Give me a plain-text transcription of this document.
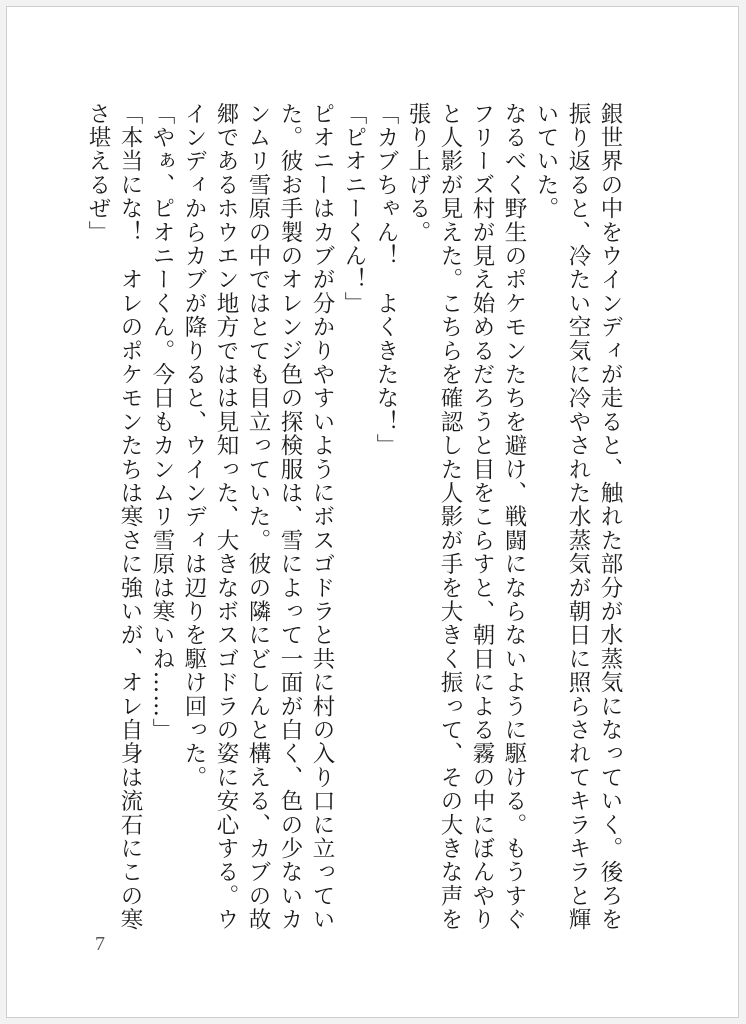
銀世界の中をウインディが走ると、触れた部分が水蒸気になっていく。後ろを振り返ると、冷たい空気に冷やされた水蒸気が朝日に照らされてキラキラと輝いていた。

なるべく野生のポケモンたちを避け、戦闘にならないように駆ける。もうすぐフリーズ村が見え始めるだろうと目をこらすと、朝日による霧の中にぼんやりと人影が見えた。こちらを確認した人影が手を大きく振って、その大きな声を張り上げる。

「カブちゃん！　よくきたな！」

「ピオニーくん！」

ピオニーはカブが分かりやすいようにボスゴドラと共に村の入り口に立っていた。彼お手製のオレンジ色の探検服は、雪によって一面が白く、色の少ないカンムリ雪原の中ではとても目立っていた。彼の隣にどしんと構える、カブの故郷であるホウエン地方ではは見知った、大きなボスゴドラの姿に安心する。ウインディからカブが降りると、ウインディは辺りを駆け回った。

「やぁ、ピオニーくん。今日もカンムリ雪原は寒いね……」

「本当にな！　オレのポケモンたちは寒さに強いが、オレ自身は流石にこの寒さ堪えるぜ」

7
